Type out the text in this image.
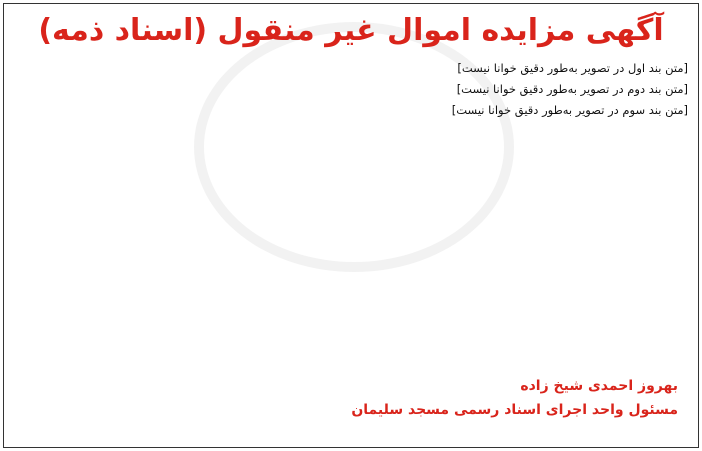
آگهی مزایده اموال غیر منقول (اسناد ذمه)

[متن بند اول در تصویر به‌طور دقیق خوانا نیست]

[متن بند دوم در تصویر به‌طور دقیق خوانا نیست]

[متن بند سوم در تصویر به‌طور دقیق خوانا نیست]

بهروز احمدی شیخ زاده
مسئول واحد اجرای اسناد رسمی مسجد سلیمان
